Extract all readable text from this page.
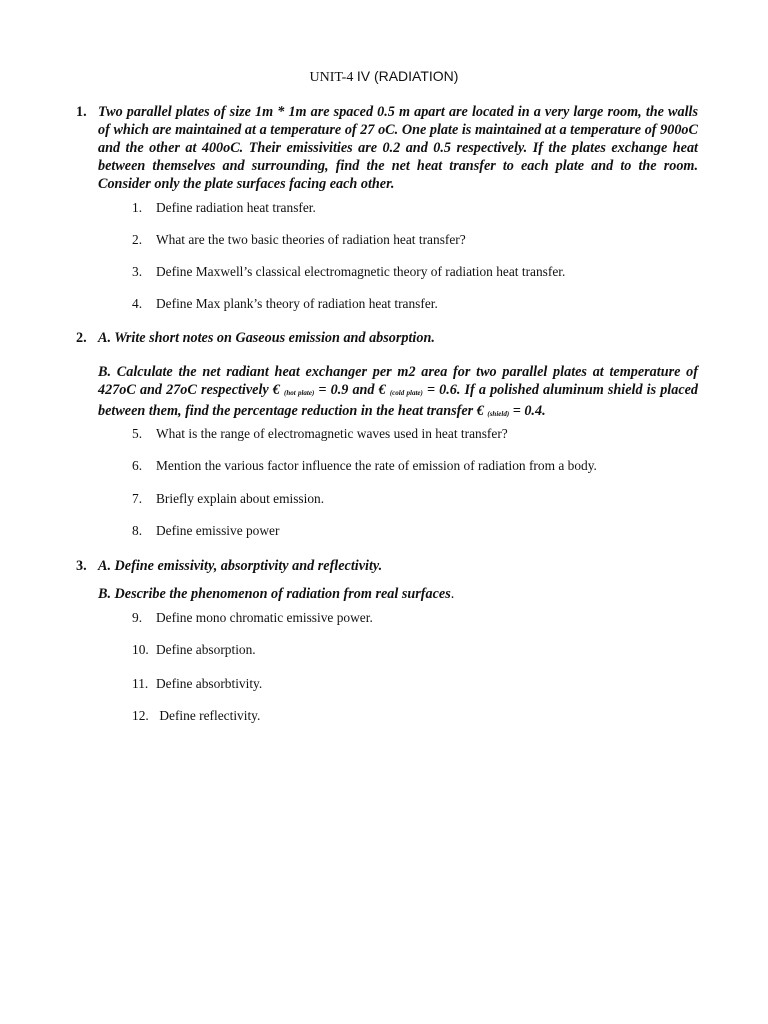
UNIT-4 IV (RADIATION)
1. Two parallel plates of size 1m * 1m are spaced 0.5 m apart are located in a very large room, the walls of which are maintained at a temperature of 27 oC. One plate is maintained at a temperature of 900oC and the other at 400oC. Their emissivities are 0.2 and 0.5 respectively. If the plates exchange heat between themselves and surrounding, find the net heat transfer to each plate and to the room. Consider only the plate surfaces facing each other.
1. Define radiation heat transfer.
2. What are the two basic theories of radiation heat transfer?
3. Define Maxwell’s classical electromagnetic theory of radiation heat transfer.
4. Define Max plank’s theory of radiation heat transfer.
2. A. Write short notes on Gaseous emission and absorption.
B. Calculate the net radiant heat exchanger per m2 area for two parallel plates at temperature of 427oC and 27oC respectively € $_{(hot plate)}$ = 0.9 and € $_{(cold plate)}$ = 0.6. If a polished aluminum shield is placed between them, find the percentage reduction in the heat transfer € $_{(shield)}$ = 0.4.
5. What is the range of electromagnetic waves used in heat transfer?
6. Mention the various factor influence the rate of emission of radiation from a body.
7. Briefly explain about emission.
8. Define emissive power
3. A. Define emissivity, absorptivity and reflectivity.
B. Describe the phenomenon of radiation from real surfaces.
9. Define mono chromatic emissive power.
10. Define absorption.
11. Define absorbtivity.
12. Define reflectivity.
